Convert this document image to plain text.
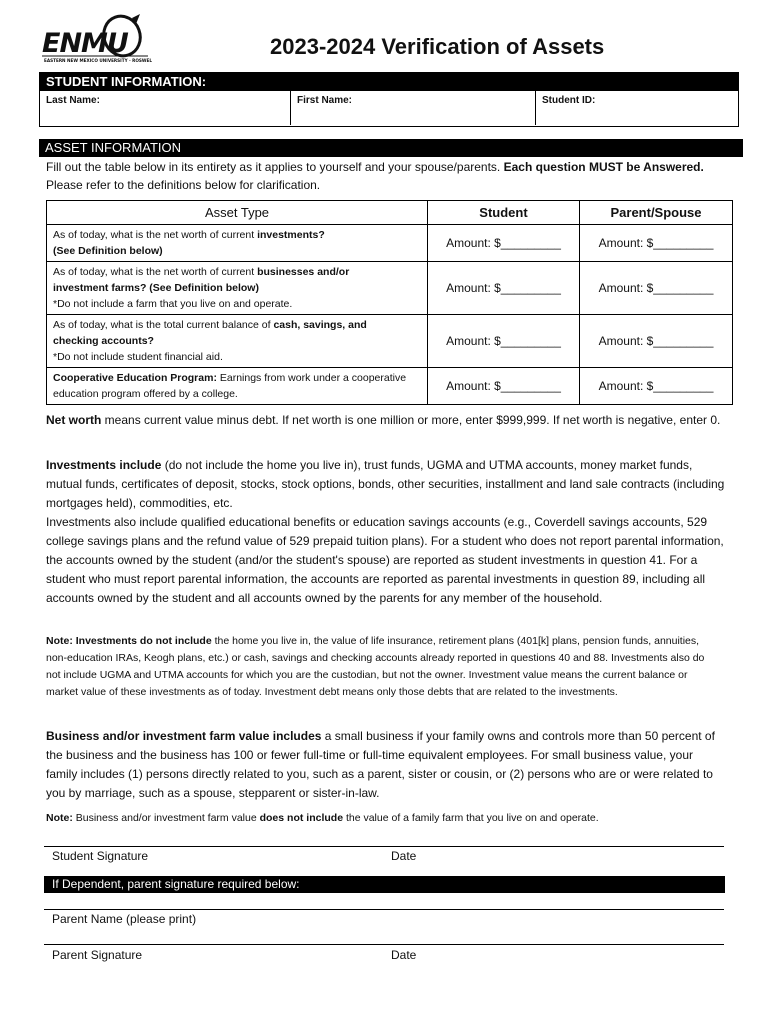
ENMU
EASTERN NEW MEXICO UNIVERSITY · ROSWELL
2023-2024 Verification of Assets
STUDENT INFORMATION:
Last Name:	First Name:	Student ID:
ASSET INFORMATION
Fill out the table below in its entirety as it applies to yourself and your spouse/parents. Each question MUST be Answered. Please refer to the definitions below for clarification.
Asset Type	Student	Parent/Spouse
As of today, what is the net worth of current investments?
(See Definition below)	Amount: $_________	Amount: $_________
As of today, what is the net worth of current businesses and/or
investment farms? (See Definition below)
*Do not include a farm that you live on and operate.	Amount: $_________	Amount: $_________
As of today, what is the total current balance of cash, savings, and
checking accounts?
*Do not include student financial aid.	Amount: $_________	Amount: $_________
Cooperative Education Program: Earnings from work under a cooperative education program offered by a college.	Amount: $_________	Amount: $_________
Net worth means current value minus debt. If net worth is one million or more, enter $999,999. If net worth is negative, enter 0.
Investments include (do not include the home you live in), trust funds, UGMA and UTMA accounts, money market funds, mutual funds, certificates of deposit, stocks, stock options, bonds, other securities, installment and land sale contracts (including mortgages held), commodities, etc.
Investments also include qualified educational benefits or education savings accounts (e.g., Coverdell savings accounts, 529 college savings plans and the refund value of 529 prepaid tuition plans). For a student who does not report parental information, the accounts owned by the student (and/or the student's spouse) are reported as student investments in question 41. For a student who must report parental information, the accounts are reported as parental investments in question 89, including all accounts owned by the student and all accounts owned by the parents for any member of the household.
Note: Investments do not include the home you live in, the value of life insurance, retirement plans (401[k] plans, pension funds, annuities, non-education IRAs, Keogh plans, etc.) or cash, savings and checking accounts already reported in questions 40 and 88. Investments also do not include UGMA and UTMA accounts for which you are the custodian, but not the owner. Investment value means the current balance or market value of these investments as of today. Investment debt means only those debts that are related to the investments.
Business and/or investment farm value includes a small business if your family owns and controls more than 50 percent of the business and the business has 100 or fewer full-time or full-time equivalent employees. For small business value, your family includes (1) persons directly related to you, such as a parent, sister or cousin, or (2) persons who are or were related to you by marriage, such as a spouse, stepparent or sister-in-law.
Note: Business and/or investment farm value does not include the value of a family farm that you live on and operate.
Student Signature	Date
If Dependent, parent signature required below:
Parent Name (please print)
Parent Signature	Date
